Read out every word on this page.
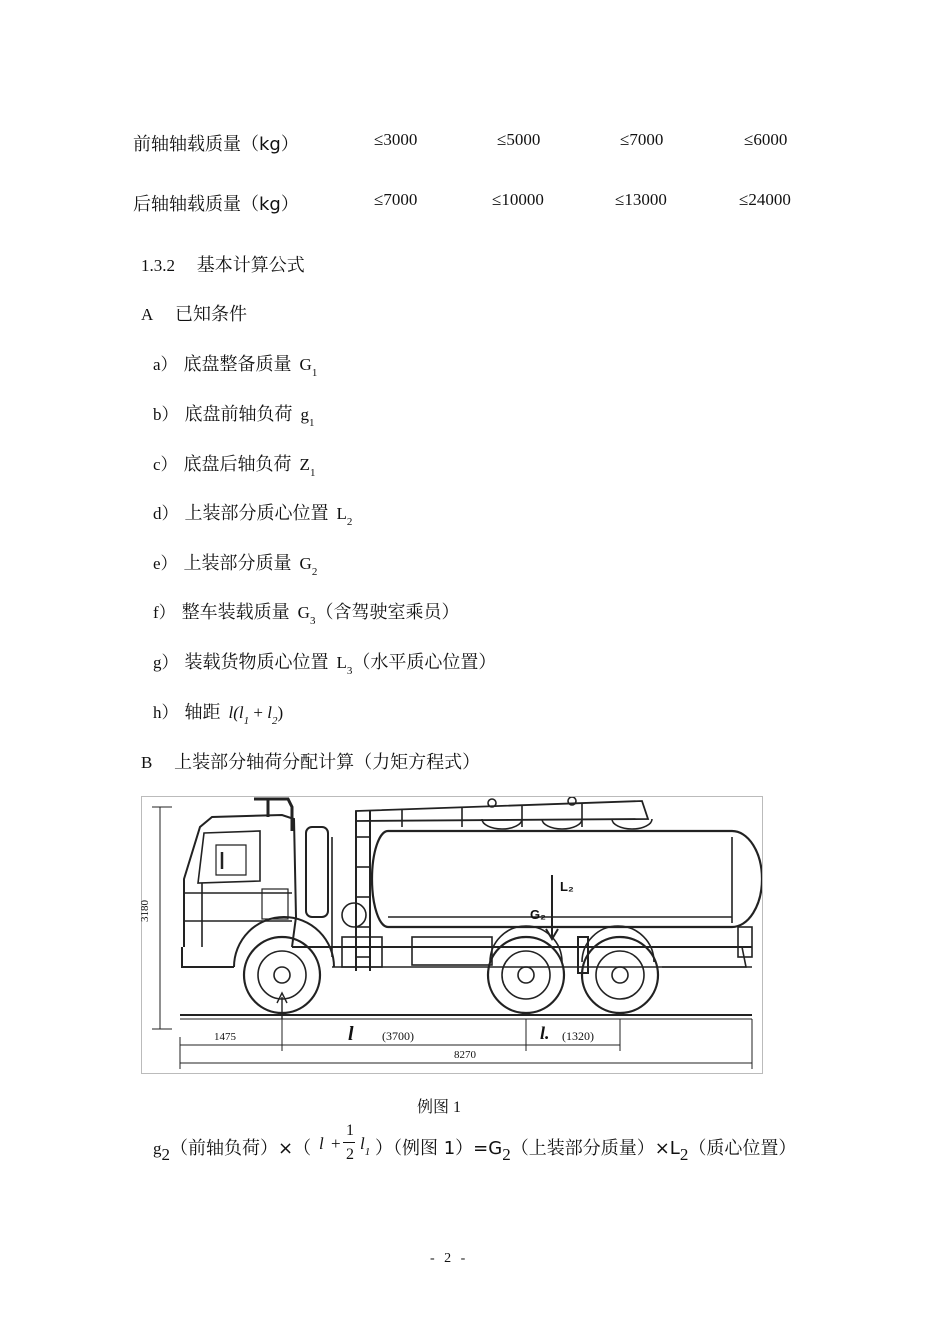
前轴轴载质量（kg）	≤3000	≤5000	≤7000	≤6000
后轴轴载质量（kg）	≤7000	≤10000	≤13000	≤24000
1.3.2 基本计算公式
A 已知条件
a） 底盘整备质量 $G_1$
b） 底盘前轴负荷 $g_1$
c） 底盘后轴负荷 $Z_1$
d） 上装部分质心位置 $L_2$
e） 上装部分质量 $G_2$
f） 整车装载质量 $G_3$（含驾驶室乘员）
g） 装载货物质心位置 $L_3$（水平质心位置）
h） 轴距 $l(l_1 + l_2)$
B 上装部分轴荷分配计算（力矩方程式）
3180
1475	l (3700)	l. (1320)
8270
G₂
L₂
例图 1
$g_2$（前轴负荷）×（ l +
1
2
$l_1$ ）（例图 $1)=G_2$（上装部分质量）$\times L_2$（质心位置）
- 2 -
